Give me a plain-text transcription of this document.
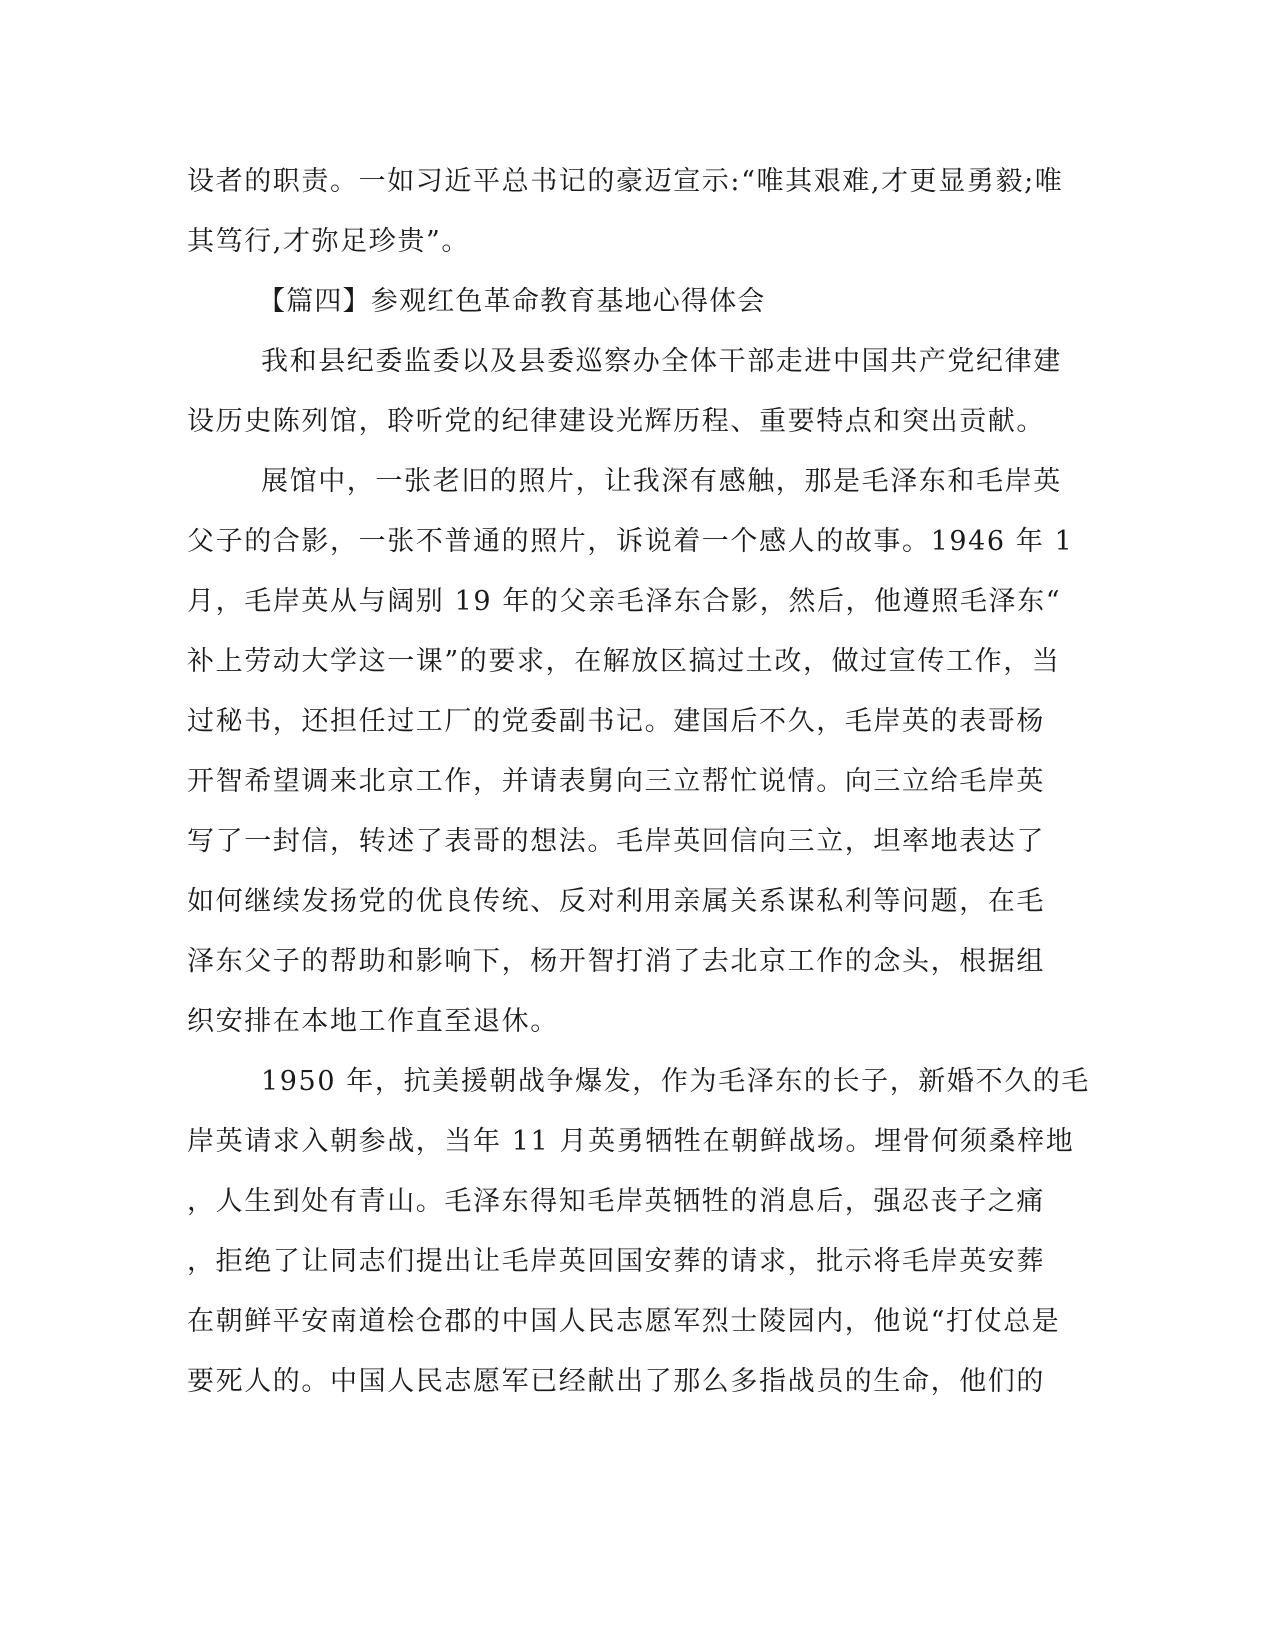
设者的职责。一如习近平总书记的豪迈宣示:“唯其艰难,才更显勇毅;唯
其笃行,才弥足珍贵”。
【篇四】参观红色革命教育基地心得体会
我和县纪委监委以及县委巡察办全体干部走进中国共产党纪律建
设历史陈列馆，聆听党的纪律建设光辉历程、重要特点和突出贡献。
展馆中，一张老旧的照片，让我深有感触，那是毛泽东和毛岸英
父子的合影，一张不普通的照片，诉说着一个感人的故事。1946 年 1
月，毛岸英从与阔别 19 年的父亲毛泽东合影，然后，他遵照毛泽东“
补上劳动大学这一课”的要求，在解放区搞过土改，做过宣传工作，当
过秘书，还担任过工厂的党委副书记。建国后不久，毛岸英的表哥杨
开智希望调来北京工作，并请表舅向三立帮忙说情。向三立给毛岸英
写了一封信，转述了表哥的想法。毛岸英回信向三立，坦率地表达了
如何继续发扬党的优良传统、反对利用亲属关系谋私利等问题，在毛
泽东父子的帮助和影响下，杨开智打消了去北京工作的念头，根据组
织安排在本地工作直至退休。
1950 年，抗美援朝战争爆发，作为毛泽东的长子，新婚不久的毛
岸英请求入朝参战，当年 11 月英勇牺牲在朝鲜战场。埋骨何须桑梓地
，人生到处有青山。毛泽东得知毛岸英牺牲的消息后，强忍丧子之痛
，拒绝了让同志们提出让毛岸英回国安葬的请求，批示将毛岸英安葬
在朝鲜平安南道桧仓郡的中国人民志愿军烈士陵园内，他说“打仗总是
要死人的。中国人民志愿军已经献出了那么多指战员的生命，他们的
